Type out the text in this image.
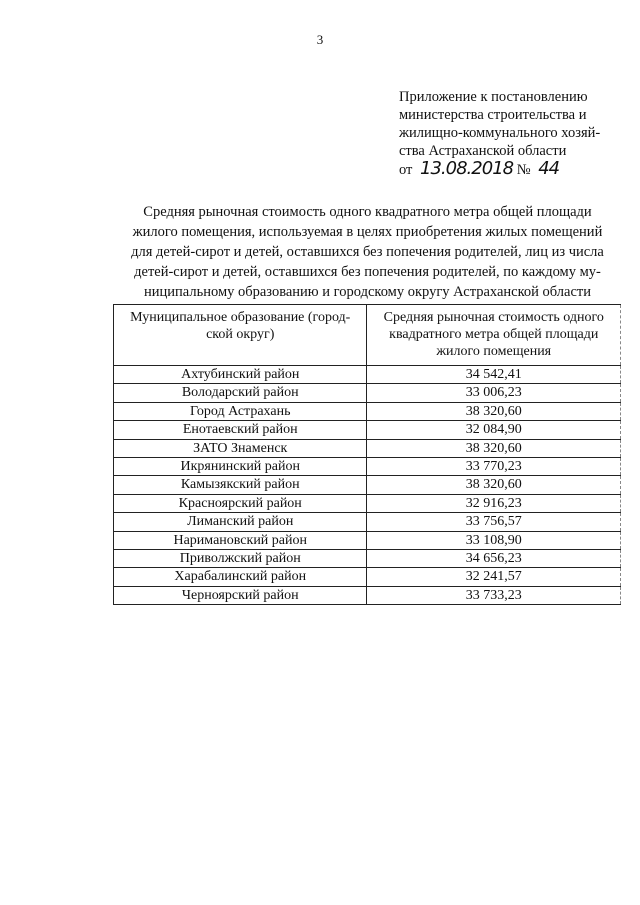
3
Приложение к постановлению
министерства строительства и
жилищно-коммунального хозяй-
ства Астраханской области
от 13.08.2018 № 44
Средняя рыночная стоимость одного квадратного метра общей площади
жилого помещения, используемая в целях приобретения жилых помещений
для детей-сирот и детей, оставшихся без попечения родителей, лиц из числа
детей-сирот и детей, оставшихся без попечения родителей, по каждому му-
ниципальному образованию и городскому округу Астраханской области
Муниципальное образование (город-
ской округ)	Средняя рыночная стоимость одного
квадратного метра общей площади
жилого помещения

Ахтубинский район	34 542,41
Володарский район	33 006,23
Город Астрахань	38 320,60
Енотаевский район	32 084,90
ЗАТО Знаменск	38 320,60
Икрянинский район	33 770,23
Камызякский район	38 320,60
Красноярский район	32 916,23
Лиманский район	33 756,57
Наримановский район	33 108,90
Приволжский район	34 656,23
Харабалинский район	32 241,57
Черноярский район	33 733,23
